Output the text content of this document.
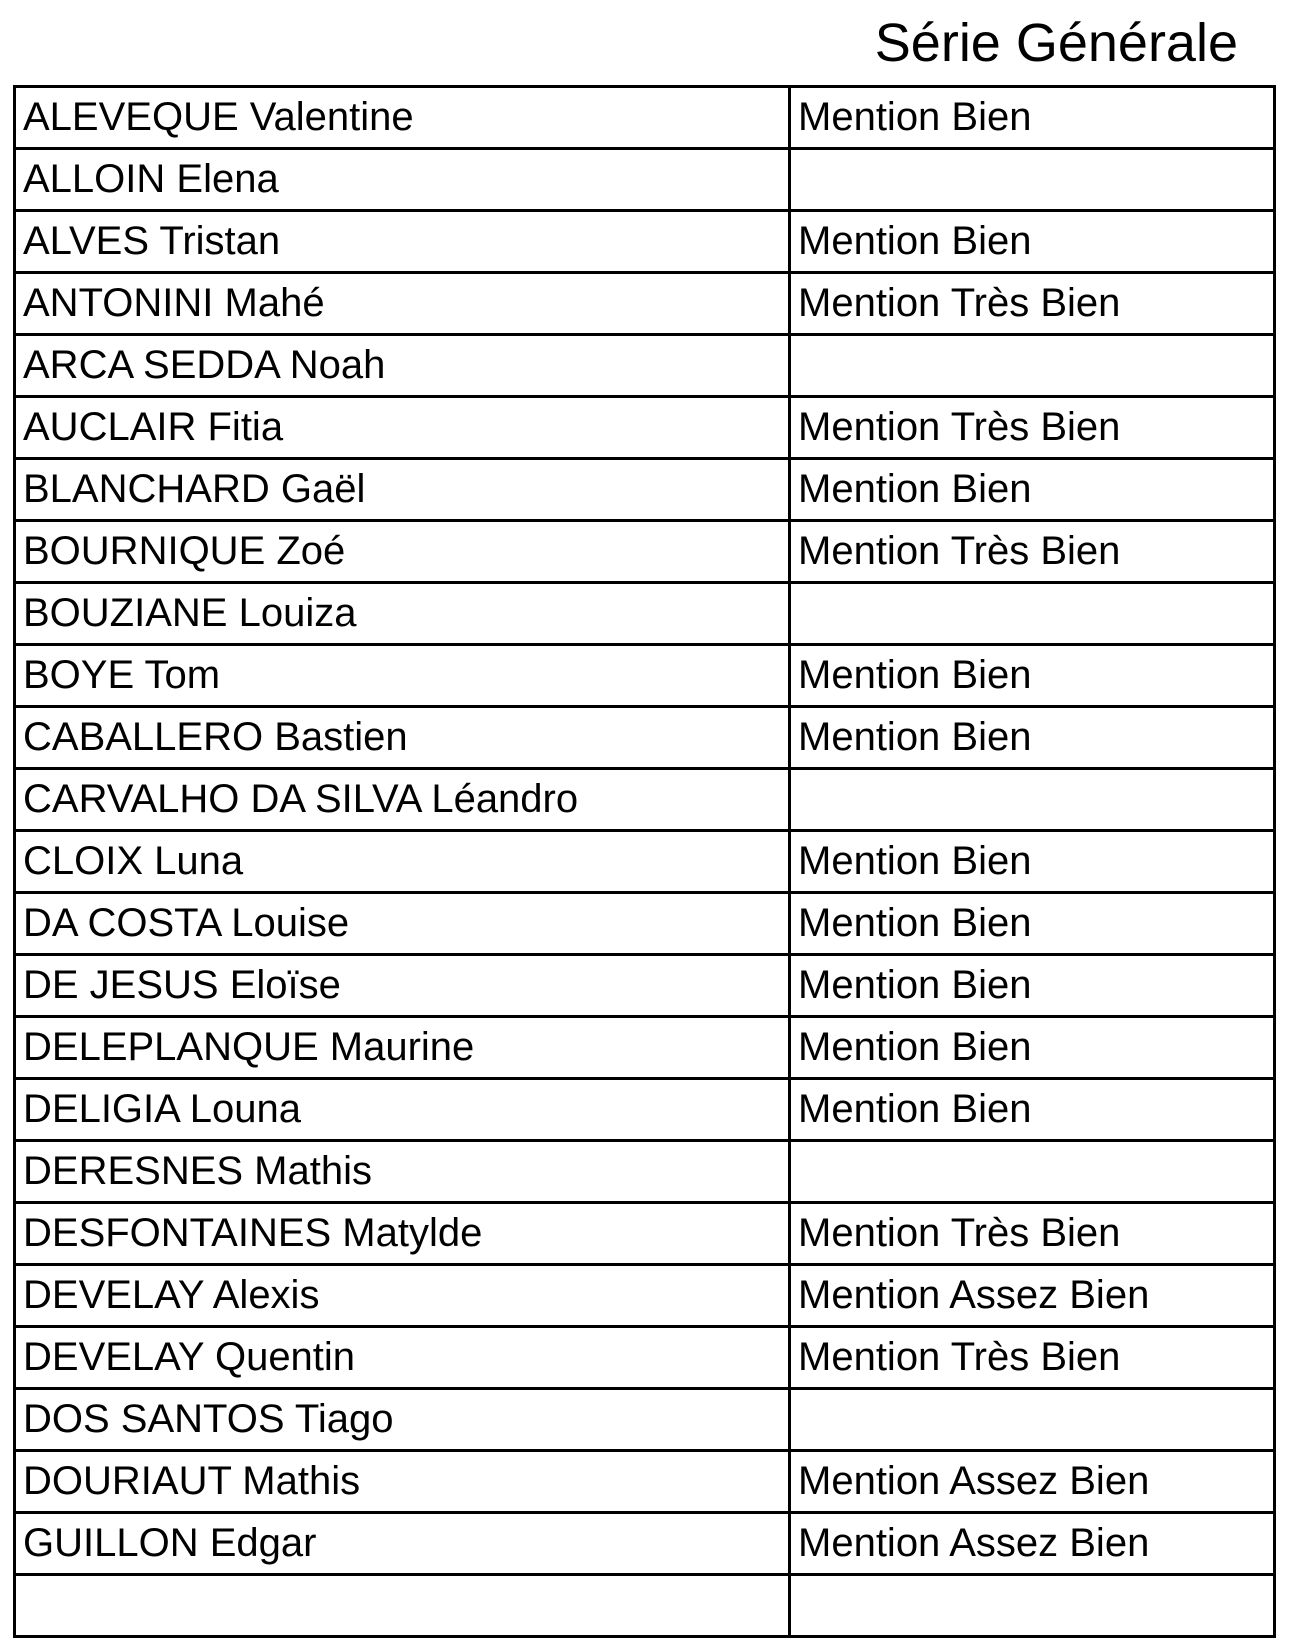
Série Générale
ALEVEQUE Valentine	Mention Bien
ALLOIN Elena	
ALVES Tristan	Mention Bien
ANTONINI Mahé	Mention Très Bien
ARCA SEDDA Noah	
AUCLAIR Fitia	Mention Très Bien
BLANCHARD Gaël	Mention Bien
BOURNIQUE Zoé	Mention Très Bien
BOUZIANE Louiza	
BOYE Tom	Mention Bien
CABALLERO Bastien	Mention Bien
CARVALHO DA SILVA Léandro	
CLOIX Luna	Mention Bien
DA COSTA Louise	Mention Bien
DE JESUS Eloïse	Mention Bien
DELEPLANQUE Maurine	Mention Bien
DELIGIA Louna	Mention Bien
DERESNES Mathis	
DESFONTAINES Matylde	Mention Très Bien
DEVELAY Alexis	Mention Assez Bien
DEVELAY Quentin	Mention Très Bien
DOS SANTOS Tiago	
DOURIAUT Mathis	Mention Assez Bien
GUILLON Edgar	Mention Assez Bien
